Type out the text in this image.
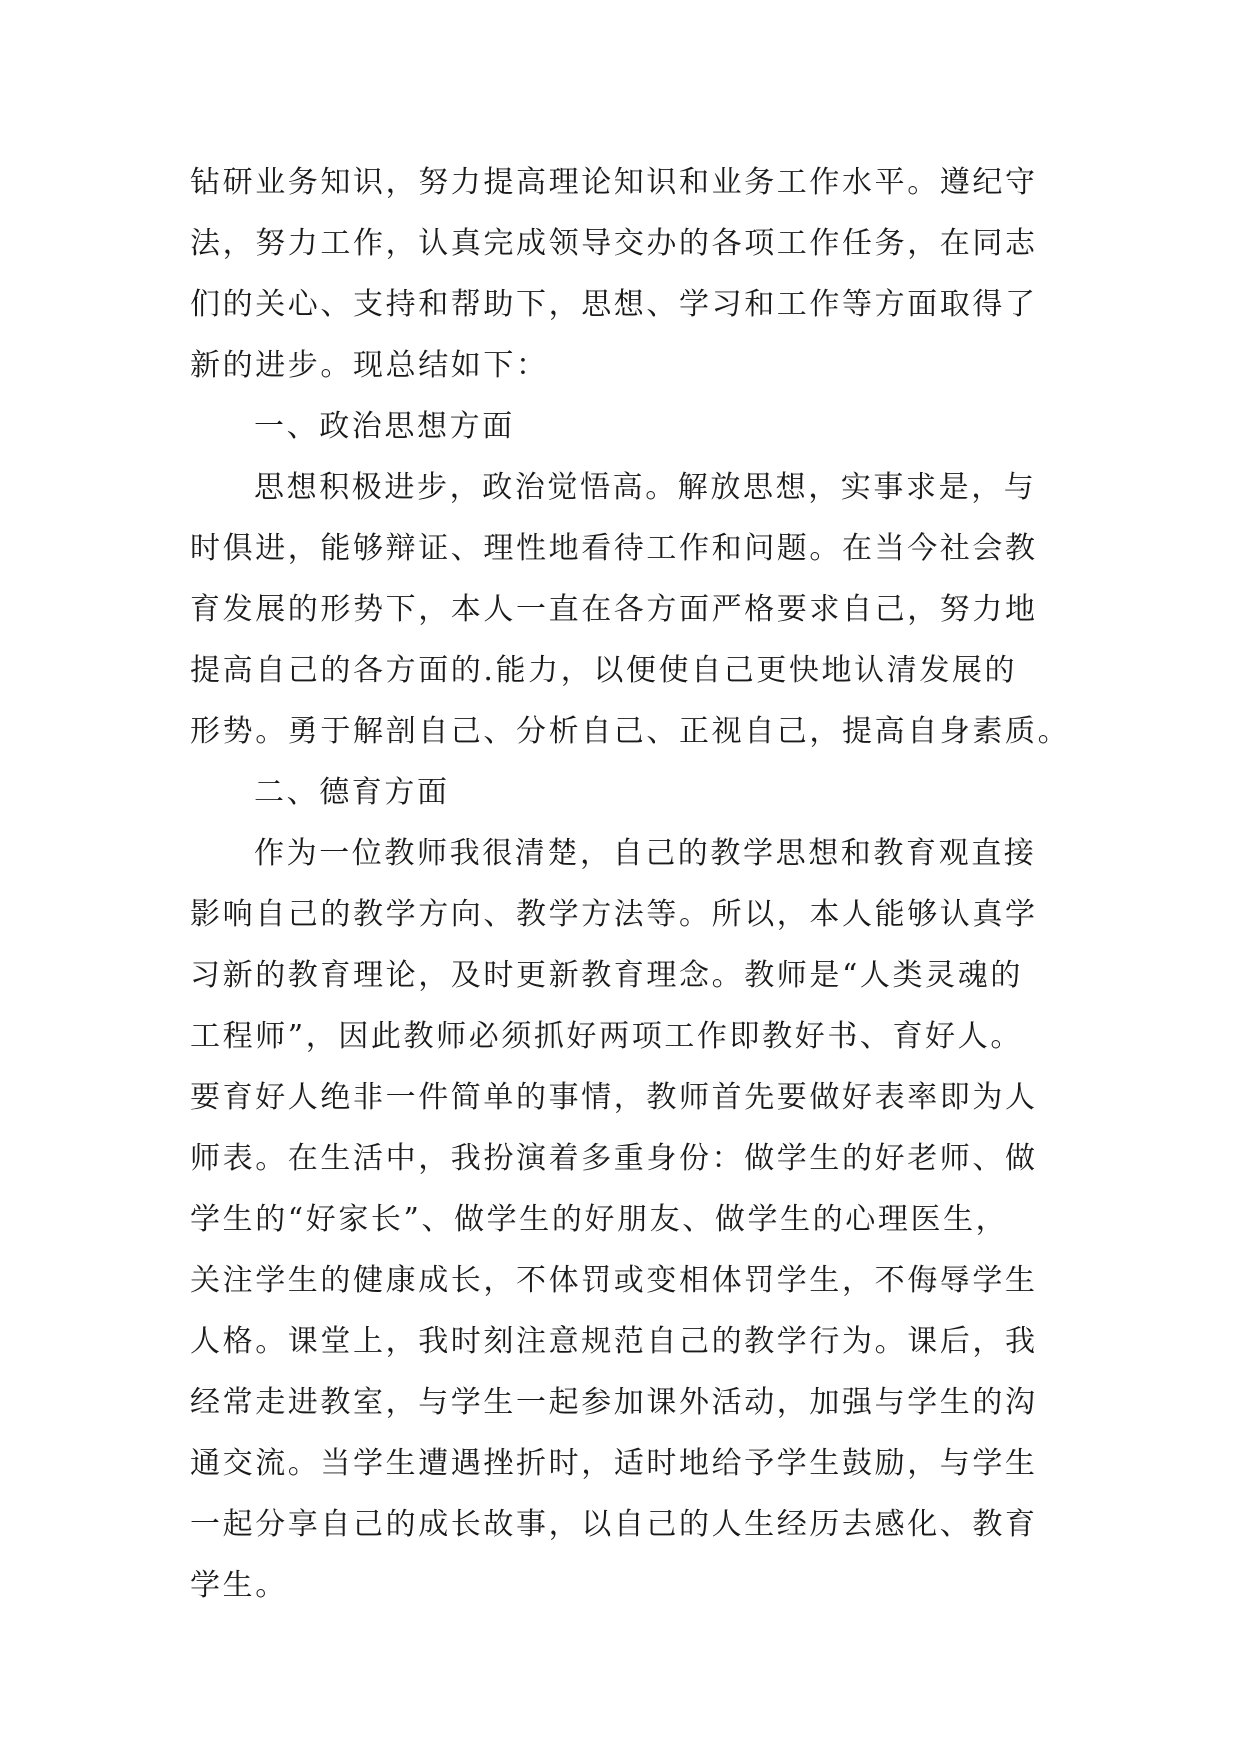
钻研业务知识，努力提高理论知识和业务工作水平。遵纪守
法，努力工作，认真完成领导交办的各项工作任务，在同志
们的关心、支持和帮助下，思想、学习和工作等方面取得了
新的进步。现总结如下：
一、政治思想方面
思想积极进步，政治觉悟高。解放思想，实事求是，与
时俱进，能够辩证、理性地看待工作和问题。在当今社会教
育发展的形势下，本人一直在各方面严格要求自己，努力地
提高自己的各方面的.能力，以便使自己更快地认清发展的
形势。勇于解剖自己、分析自己、正视自己，提高自身素质。
二、德育方面
作为一位教师我很清楚，自己的教学思想和教育观直接
影响自己的教学方向、教学方法等。所以，本人能够认真学
习新的教育理论，及时更新教育理念。教师是“人类灵魂的
工程师”，因此教师必须抓好两项工作即教好书、育好人。
要育好人绝非一件简单的事情，教师首先要做好表率即为人
师表。在生活中，我扮演着多重身份：做学生的好老师、做
学生的“好家长”、做学生的好朋友、做学生的心理医生，
关注学生的健康成长，不体罚或变相体罚学生，不侮辱学生
人格。课堂上，我时刻注意规范自己的教学行为。课后，我
经常走进教室，与学生一起参加课外活动，加强与学生的沟
通交流。当学生遭遇挫折时，适时地给予学生鼓励，与学生
一起分享自己的成长故事，以自己的人生经历去感化、教育
学生。
